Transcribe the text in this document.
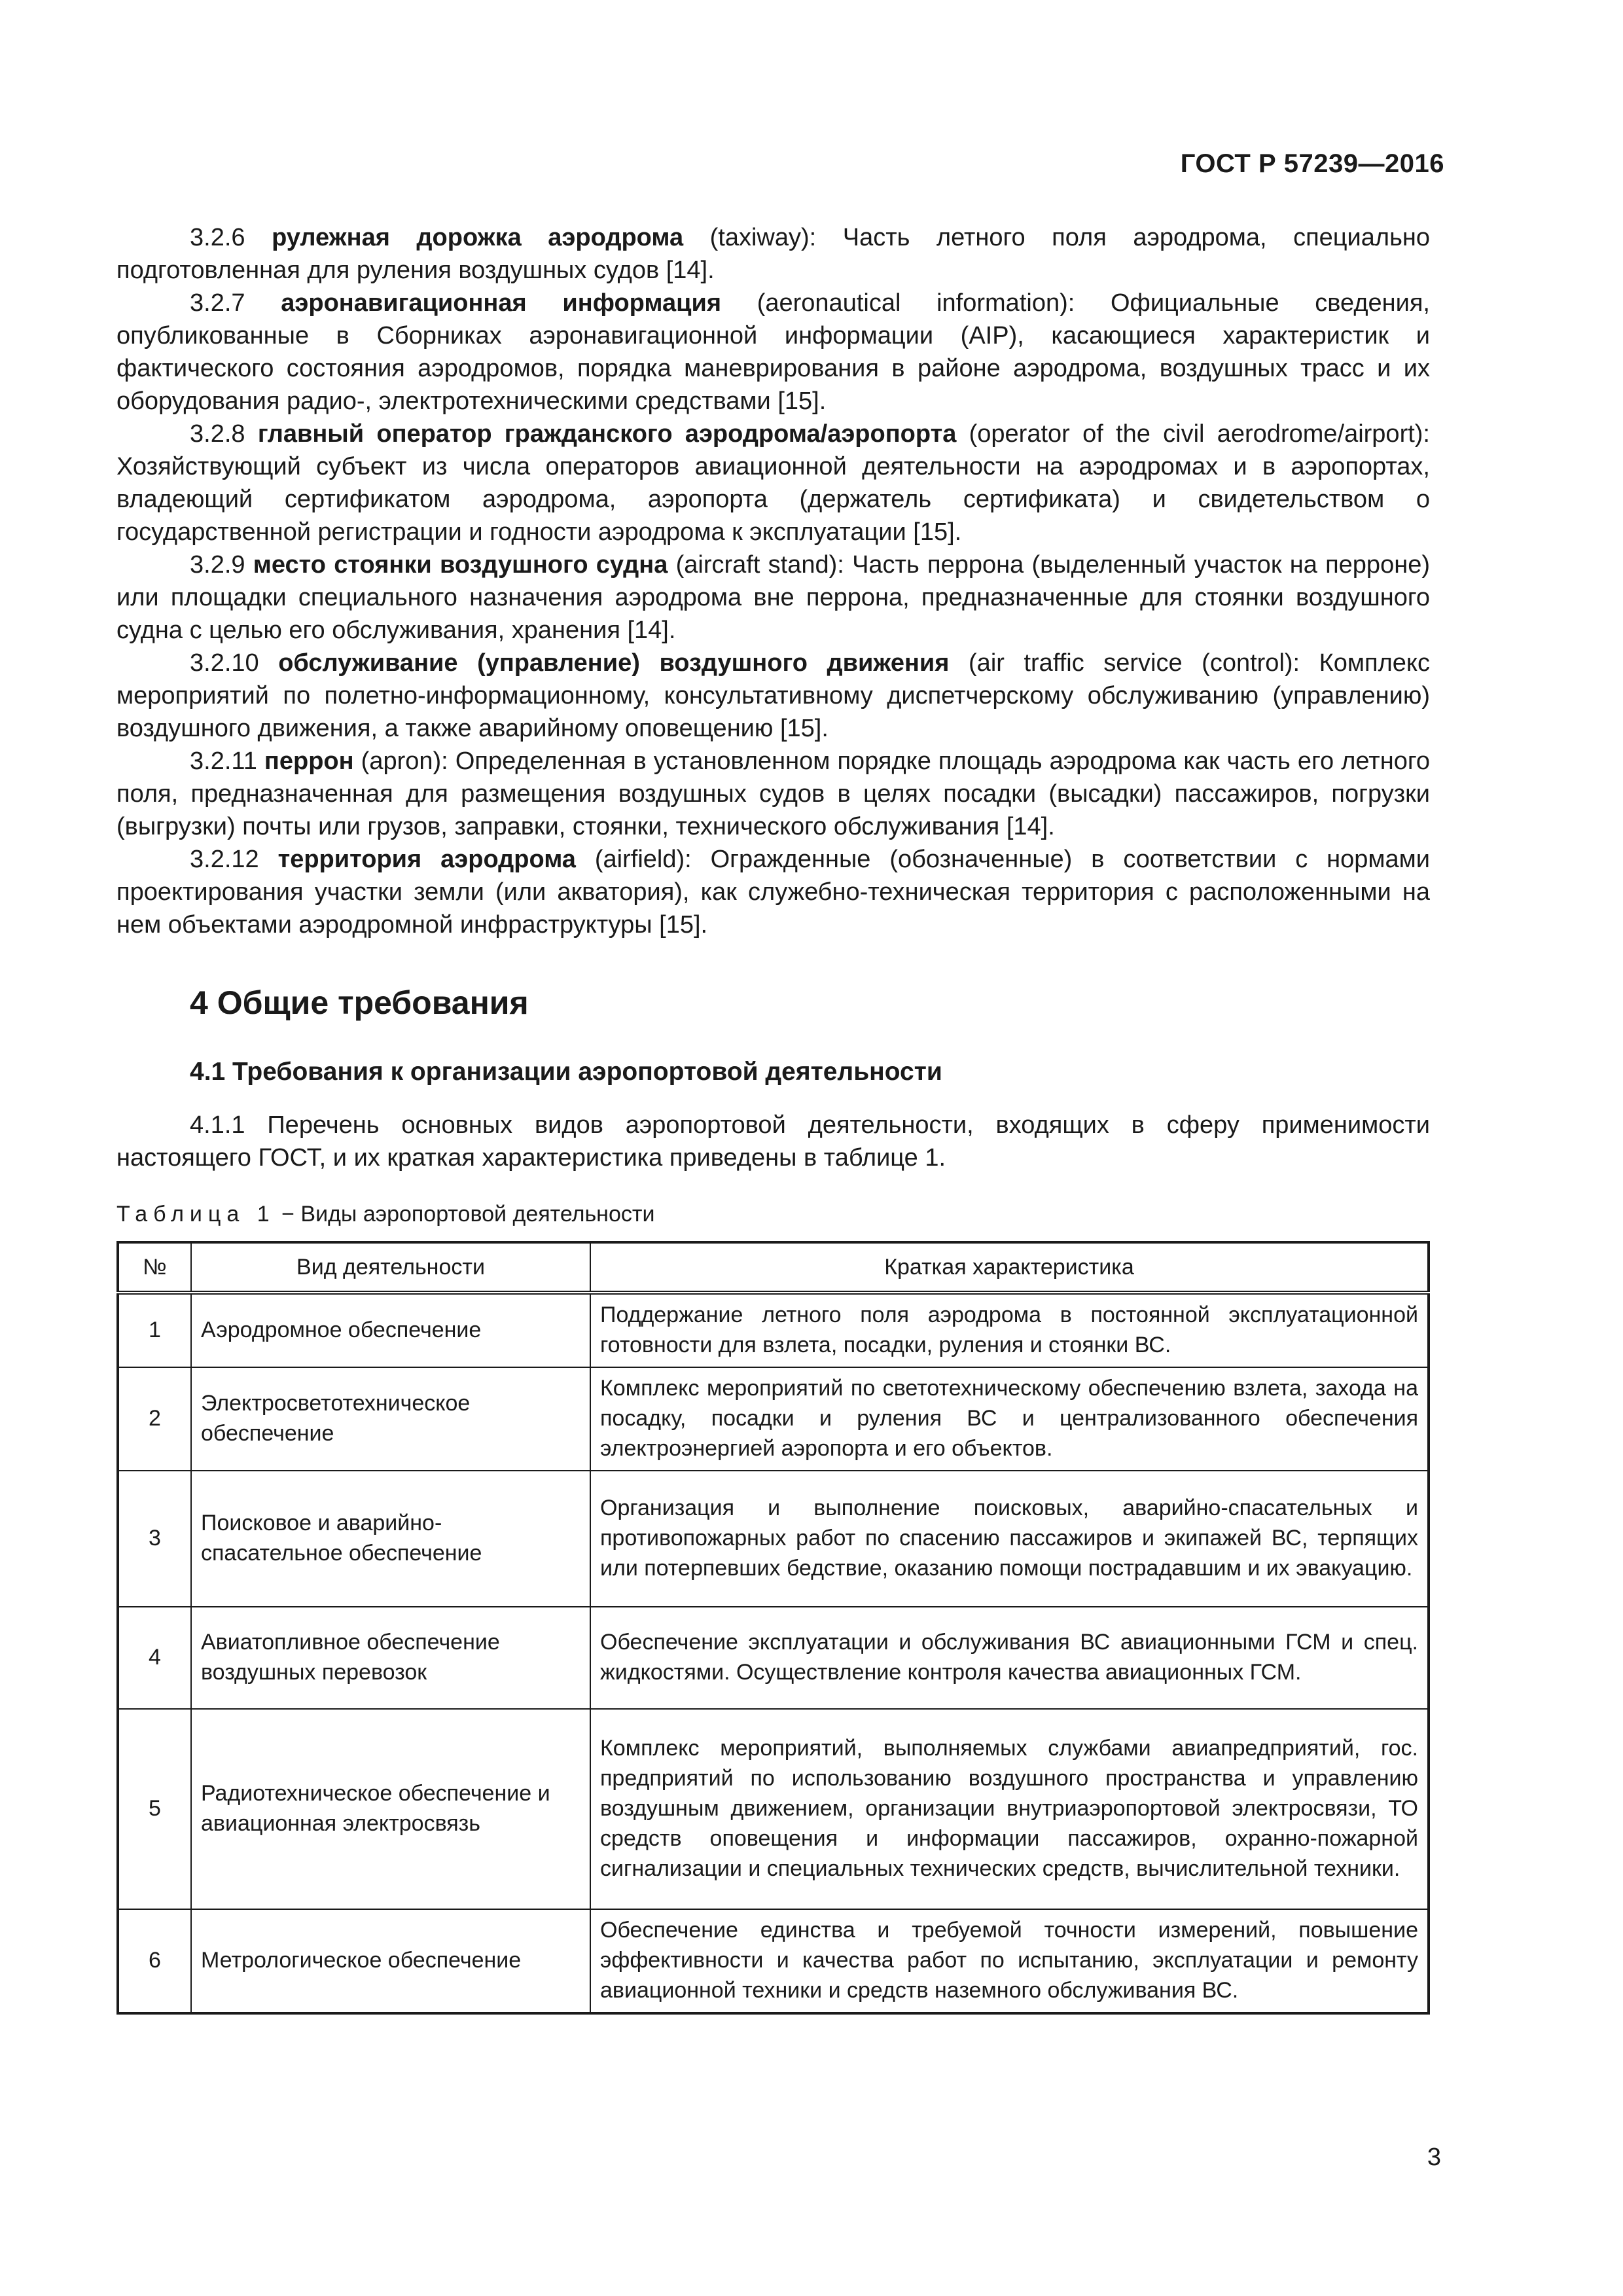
ГОСТ Р 57239—2016

3.2.6 рулежная дорожка аэродрома (taxiway): Часть летного поля аэродрома, специально подготовленная для руления воздушных судов [14].

3.2.7 аэронавигационная информация (aeronautical information): Официальные сведения, опубликованные в Сборниках аэронавигационной информации (AIP), касающиеся характеристик и фактического состояния аэродромов, порядка маневрирования в районе аэродрома, воздушных трасс и их оборудования радио-, электротехническими средствами [15].

3.2.8 главный оператор гражданского аэродрома/аэропорта (operator of the civil aerodrome/airport): Хозяйствующий субъект из числа операторов авиационной деятельности на аэродромах и в аэропортах, владеющий сертификатом аэродрома, аэропорта (держатель сертификата) и свидетельством о государственной регистрации и годности аэродрома к эксплуатации [15].

3.2.9 место стоянки воздушного судна (aircraft stand): Часть перрона (выделенный участок на перроне) или площадки специального назначения аэродрома вне перрона, предназначенные для стоянки воздушного судна с целью его обслуживания, хранения [14].

3.2.10 обслуживание (управление) воздушного движения (air traffic service (control): Комплекс мероприятий по полетно-информационному, консультативному диспетчерскому обслуживанию (управлению) воздушного движения, а также аварийному оповещению [15].

3.2.11 перрон (apron): Определенная в установленном порядке площадь аэродрома как часть его летного поля, предназначенная для размещения воздушных судов в целях посадки (высадки) пассажиров, погрузки (выгрузки) почты или грузов, заправки, стоянки, технического обслуживания [14].

3.2.12 территория аэродрома (airfield): Огражденные (обозначенные) в соответствии с нормами проектирования участки земли (или акватория), как служебно-техническая территория с расположенными на нем объектами аэродромной инфраструктуры [15].

4 Общие требования
4.1 Требования к организации аэропортовой деятельности

4.1.1 Перечень основных видов аэропортовой деятельности, входящих в сферу применимости настоящего ГОСТ, и их краткая характеристика приведены в таблице 1.

Таблица 1 − Виды аэропортовой деятельности
№	Вид деятельности	Краткая характеристика
1	Аэродромное обеспечение	Поддержание летного поля аэродрома в постоянной эксплуатационной готовности для взлета, посадки, руления и стоянки ВС.
2	Электросветотехническое обеспечение	Комплекс мероприятий по светотехническому обеспечению взлета, захода на посадку, посадки и руления ВС и централизованного обеспечения электроэнергией аэропорта и его объектов.
3	Поисковое и аварийно-спасательное обеспечение	Организация и выполнение поисковых, аварийно-спасательных и противопожарных работ по спасению пассажиров и экипажей ВС, терпящих или потерпевших бедствие, оказанию помощи пострадавшим и их эвакуацию.
4	Авиатопливное обеспечение воздушных перевозок	Обеспечение эксплуатации и обслуживания ВС авиационными ГСМ и спец. жидкостями. Осуществление контроля качества авиационных ГСМ.
5	Радиотехническое обеспечение и авиационная электросвязь	Комплекс мероприятий, выполняемых службами авиапредприятий, гос. предприятий по использованию воздушного пространства и управлению воздушным движением, организации внутриаэропортовой электросвязи, ТО средств оповещения и информации пассажиров, охранно-пожарной сигнализации и специальных технических средств, вычислительной техники.
6	Метрологическое обеспечение	Обеспечение единства и требуемой точности измерений, повышение эффективности и качества работ по испытанию, эксплуатации и ремонту авиационной техники и средств наземного обслуживания ВС.
3
